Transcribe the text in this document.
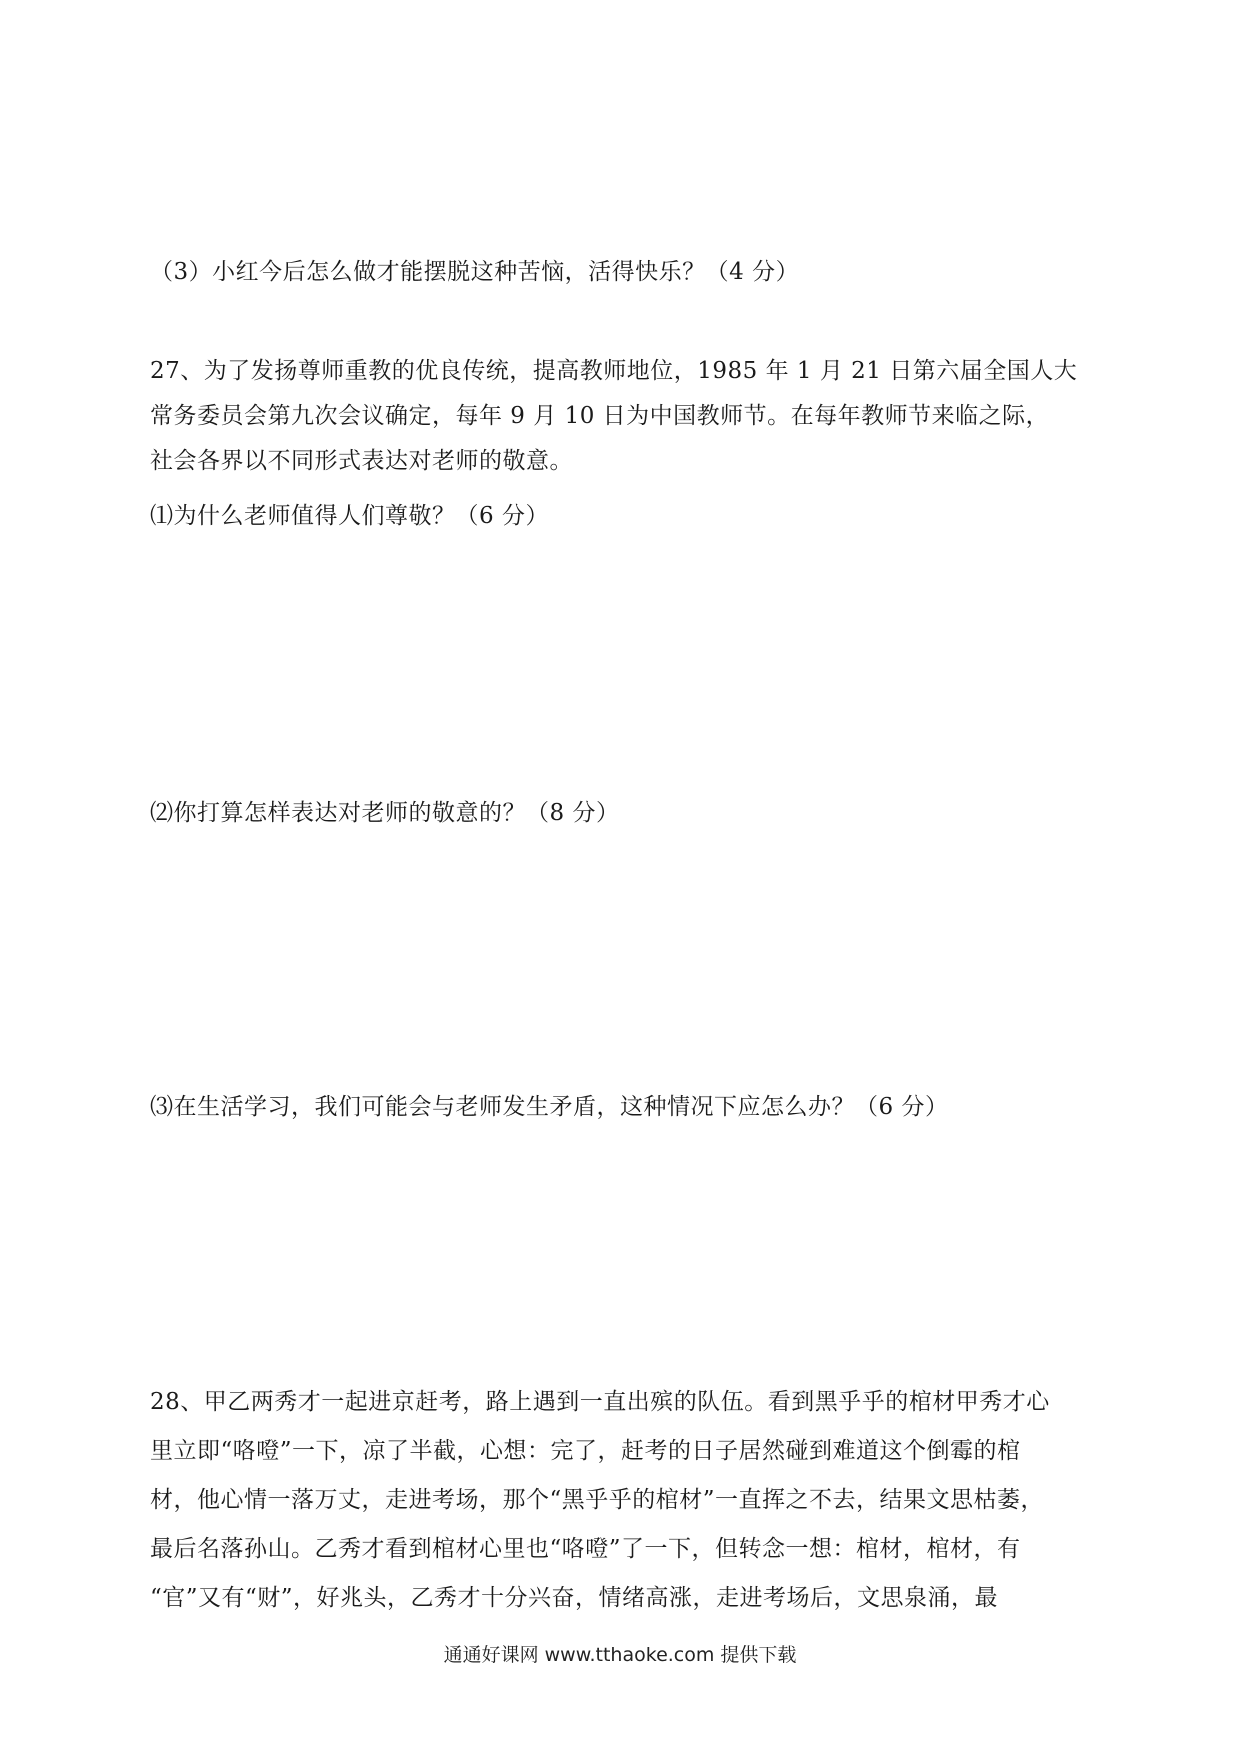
（3）小红今后怎么做才能摆脱这种苦恼，活得快乐？（4 分）
27、为了发扬尊师重教的优良传统，提高教师地位，1985 年 1 月 21 日第六届全国人大
常务委员会第九次会议确定，每年 9 月 10 日为中国教师节。在每年教师节来临之际，
社会各界以不同形式表达对老师的敬意。
⑴为什么老师值得人们尊敬？（6 分）
⑵你打算怎样表达对老师的敬意的？（8 分）
⑶在生活学习，我们可能会与老师发生矛盾，这种情况下应怎么办？（6 分）
28、甲乙两秀才一起进京赶考，路上遇到一直出殡的队伍。看到黑乎乎的棺材甲秀才心
里立即“咯噔”一下，凉了半截，心想：完了，赶考的日子居然碰到难道这个倒霉的棺
材，他心情一落万丈，走进考场，那个“黑乎乎的棺材”一直挥之不去，结果文思枯萎，
最后名落孙山。乙秀才看到棺材心里也“咯噔”了一下，但转念一想：棺材，棺材，有
“官”又有“财”，好兆头，乙秀才十分兴奋，情绪高涨，走进考场后，文思泉涌，最
通通好课网 www.tthaoke.com 提供下载
